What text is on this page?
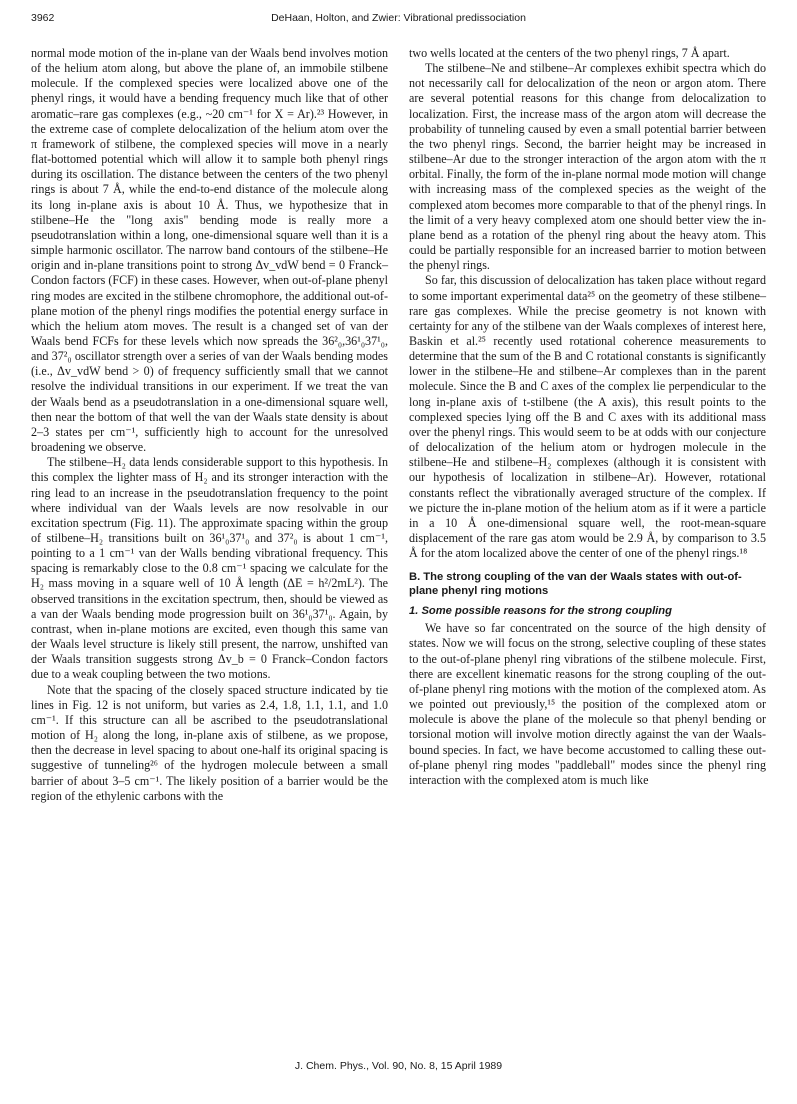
3962	DeHaan, Holton, and Zwier: Vibrational predissociation

normal mode motion of the in-plane van der Waals bend involves motion of the helium atom along, but above the plane of, an immobile stilbene molecule. If the complexed species were localized above one of the phenyl rings, it would have a bending frequency much like that of other aromatic–rare gas complexes (e.g., ~20 cm⁻¹ for X = Ar).²³ However, in the extreme case of complete delocalization of the helium atom over the π framework of stilbene, the complexed species will move in a nearly flat-bottomed potential which will allow it to sample both phenyl rings during its oscillation. The distance between the centers of the two phenyl rings is about 7 Å, while the end-to-end distance of the molecule along its long in-plane axis is about 10 Å. Thus, we hypothesize that in stilbene–He the "long axis" bending mode is really more a pseudotranslation within a long, one-dimensional square well than it is a simple harmonic oscillator. The narrow band contours of the stilbene–He origin and in-plane transitions point to strong Δv_vdW bend = 0 Franck–Condon factors (FCF) in these cases. However, when out-of-plane phenyl ring modes are excited in the stilbene chromophore, the additional out-of-plane motion of the phenyl rings modifies the potential energy surface in which the helium atom moves. The result is a changed set of van der Waals bend FCFs for these levels which now spreads the 36²₀,36¹₀37¹₀, and 37²₀ oscillator strength over a series of van der Waals bending modes (i.e., Δv_vdW bend > 0) of frequency sufficiently small that we cannot resolve the individual transitions in our experiment. If we treat the van der Waals bend as a pseudotranslation in a one-dimensional square well, then near the bottom of that well the van der Waals state density is about 2–3 states per cm⁻¹, sufficiently high to account for the unresolved broadening we observe.

The stilbene–H₂ data lends considerable support to this hypothesis. In this complex the lighter mass of H₂ and its stronger interaction with the ring lead to an increase in the pseudotranslation frequency to the point where individual van der Waals levels are now resolvable in our excitation spectrum (Fig. 11). The approximate spacing within the group of stilbene–H₂ transitions built on 36¹₀37¹₀ and 37²₀ is about 1 cm⁻¹, pointing to a 1 cm⁻¹ van der Walls bending vibrational frequency. This spacing is remarkably close to the 0.8 cm⁻¹ spacing we calculate for the H₂ mass moving in a square well of 10 Å length (ΔE = h²/2mL²). The observed transitions in the excitation spectrum, then, should be viewed as a van der Waals bending mode progression built on 36¹₀37¹₀. Again, by contrast, when in-plane motions are excited, even though this same van der Waals level structure is likely still present, the narrow, unshifted van der Waals transition suggests strong Δv_b = 0 Franck–Condon factors due to a weak coupling between the two motions.

Note that the spacing of the closely spaced structure indicated by tie lines in Fig. 12 is not uniform, but varies as 2.4, 1.8, 1.1, 1.1, and 1.0 cm⁻¹. If this structure can all be ascribed to the pseudotranslational motion of H₂ along the long, in-plane axis of stilbene, as we propose, then the decrease in level spacing to about one-half its original spacing is suggestive of tunneling²⁶ of the hydrogen molecule between a small barrier of about 3–5 cm⁻¹. The likely position of a barrier would be the region of the ethylenic carbons with the

two wells located at the centers of the two phenyl rings, 7 Å apart.

The stilbene–Ne and stilbene–Ar complexes exhibit spectra which do not necessarily call for delocalization of the neon or argon atom. There are several potential reasons for this change from delocalization to localization. First, the increase mass of the argon atom will decrease the probability of tunneling caused by even a small potential barrier between the two phenyl rings. Second, the barrier height may be increased in stilbene–Ar due to the stronger interaction of the argon atom with the π orbital. Finally, the form of the in-plane normal mode motion will change with increasing mass of the complexed species as the weight of the complexed atom becomes more comparable to that of the phenyl rings. In the limit of a very heavy complexed atom one should better view the in-plane bend as a rotation of the phenyl ring about the heavy atom. This could be partially responsible for an increased barrier to motion between the phenyl rings.

So far, this discussion of delocalization has taken place without regard to some important experimental data²⁵ on the geometry of these stilbene–rare gas complexes. While the precise geometry is not known with certainty for any of the stilbene van der Waals complexes of interest here, Baskin et al.²⁵ recently used rotational coherence measurements to determine that the sum of the B and C rotational constants is significantly lower in the stilbene–He and stilbene–Ar complexes than in the parent molecule. Since the B and C axes of the complex lie perpendicular to the long in-plane axis of t-stilbene (the A axis), this result points to the complexed species lying off the B and C axes with its additional mass over the phenyl rings. This would seem to be at odds with our conjecture of delocalization of the helium atom or hydrogen molecule in the stilbene–He and stilbene–H₂ complexes (although it is consistent with our hypothesis of localization in stilbene–Ar). However, rotational constants reflect the vibrationally averaged structure of the complex. If we picture the in-plane motion of the helium atom as if it were a particle in a 10 Å one-dimensional square well, the root-mean-square displacement of the rare gas atom would be 2.9 Å, by comparison to 3.5 Å for the atom localized above the center of one of the phenyl rings.¹⁸

B. The strong coupling of the van der Waals states with out-of-plane phenyl ring motions
1. Some possible reasons for the strong coupling

We have so far concentrated on the source of the high density of states. Now we will focus on the strong, selective coupling of these states to the out-of-plane phenyl ring vibrations of the stilbene molecule. First, there are excellent kinematic reasons for the strong coupling of the out-of-plane phenyl ring motions with the motion of the complexed atom. As we pointed out previously,¹⁵ the position of the complexed atom or molecule is above the plane of the molecule so that phenyl bending or torsional motion will involve motion directly against the van der Waals-bound species. In fact, we have become accustomed to calling these out-of-plane phenyl ring modes "paddleball" modes since the phenyl ring interaction with the complexed atom is much like

J. Chem. Phys., Vol. 90, No. 8, 15 April 1989
